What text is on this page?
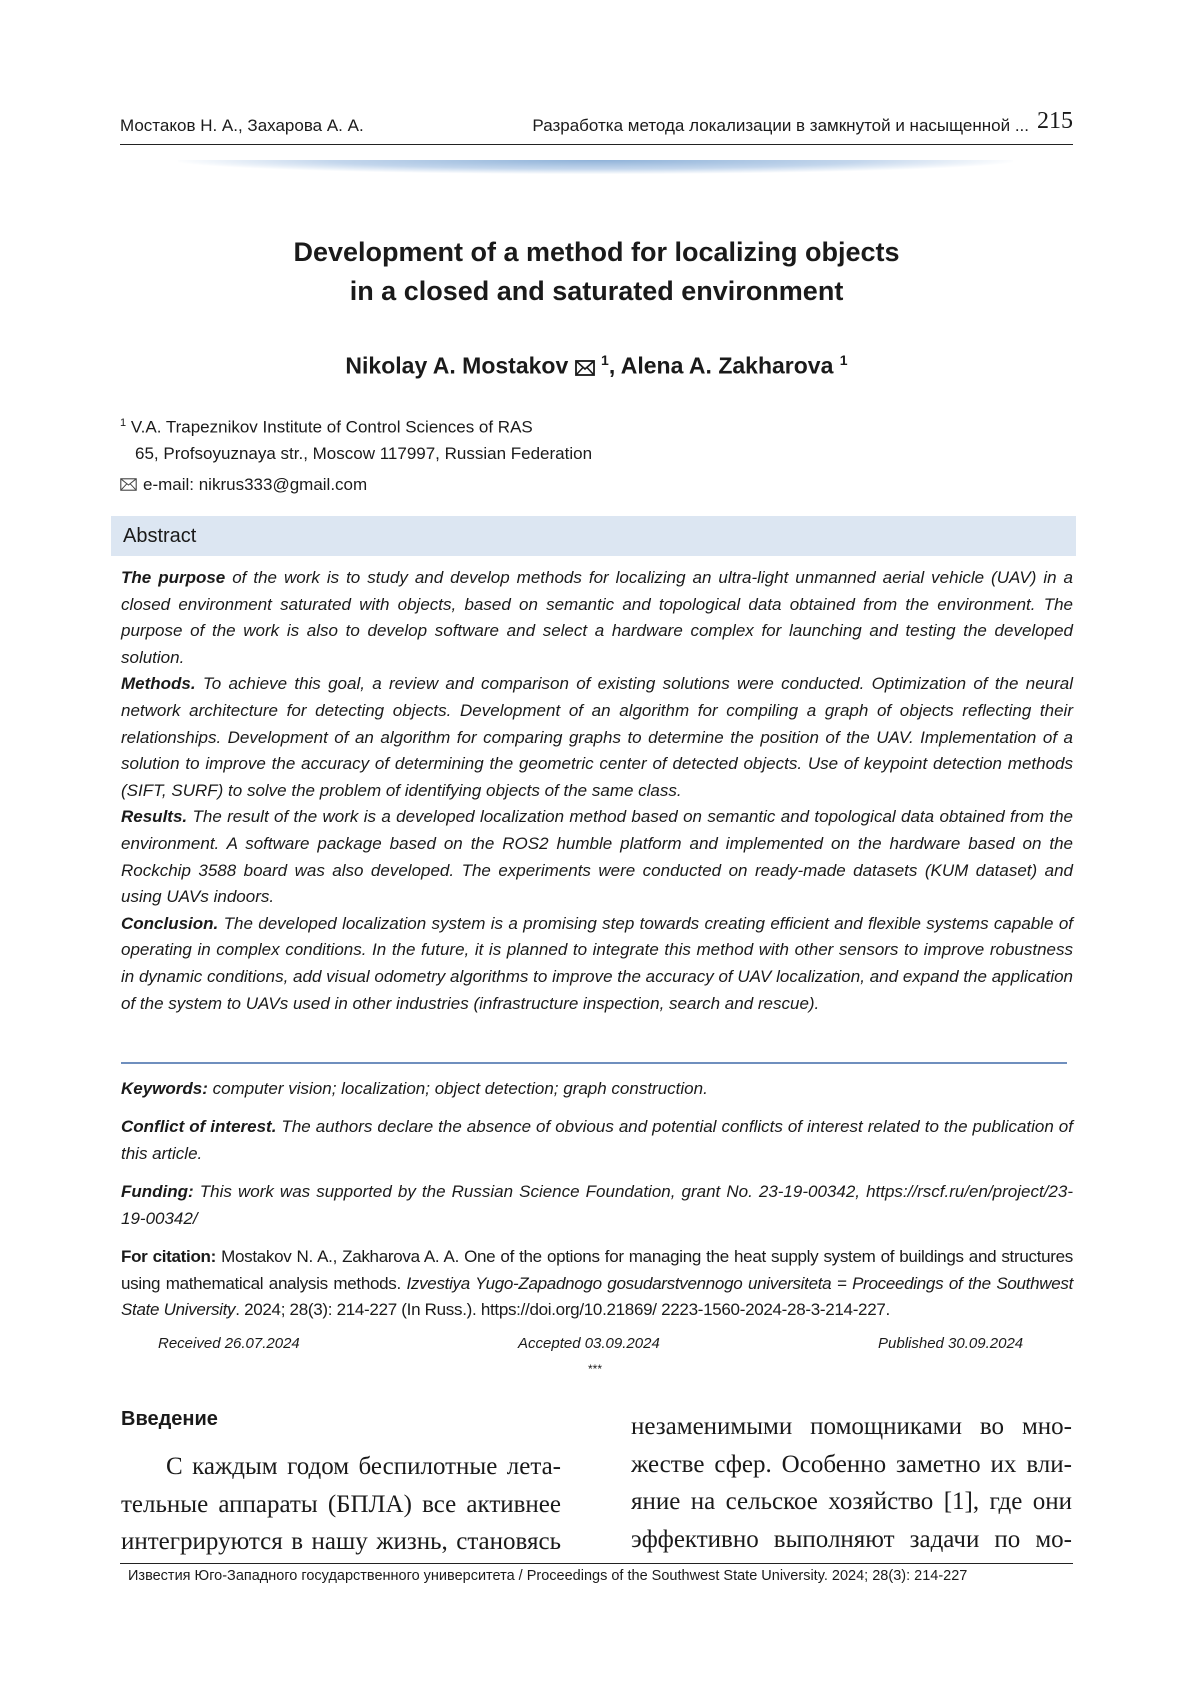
Мостаков Н. А., Захарова А. А.	Разработка метода локализации в замкнутой и насыщенной ... 215
Development of a method for localizing objects
in a closed and saturated environment
Nikolay A. Mostakov $^1$, Alena A. Zakharova $^1$
$^1$ V.A. Trapeznikov Institute of Control Sciences of RAS
65, Profsoyuznaya str., Moscow 117997, Russian Federation
e-mail: nikrus333@gmail.com
Abstract

The purpose of the work is to study and develop methods for localizing an ultra-light unmanned aerial vehicle (UAV) in a closed environment saturated with objects, based on semantic and topological data obtained from the environment. The purpose of the work is also to develop software and select a hardware complex for launching and testing the developed solution.

Methods. To achieve this goal, a review and comparison of existing solutions were conducted. Optimization of the neural network architecture for detecting objects. Development of an algorithm for compiling a graph of objects reflecting their relationships. Development of an algorithm for comparing graphs to determine the position of the UAV. Implementation of a solution to improve the accuracy of determining the geometric center of detected objects. Use of keypoint detection methods (SIFT, SURF) to solve the problem of identifying objects of the same class.

Results. The result of the work is a developed localization method based on semantic and topological data obtained from the environment. A software package based on the ROS2 humble platform and implemented on the hardware based on the Rockchip 3588 board was also developed. The experiments were conducted on ready-made datasets (KUM dataset) and using UAVs indoors.

Conclusion. The developed localization system is a promising step towards creating efficient and flexible systems capable of operating in complex conditions. In the future, it is planned to integrate this method with other sensors to improve robustness in dynamic conditions, add visual odometry algorithms to improve the accuracy of UAV localization, and expand the application of the system to UAVs used in other industries (infrastructure inspection, search and rescue).

Keywords: computer vision; localization; object detection; graph construction.
Conflict of interest. The authors declare the absence of obvious and potential conflicts of interest related to the publication of this article.
Funding: This work was supported by the Russian Science Foundation, grant No. 23-19-00342, https://rscf.ru/en/project/23-19-00342/
For citation: Mostakov N. A., Zakharova A. A. One of the options for managing the heat supply system of buildings and structures using mathematical analysis methods. Izvestiya Yugo-Zapadnogo gosudarstvennogo universiteta = Proceedings of the Southwest State University. 2024; 28(3): 214-227 (In Russ.). https://doi.org/10.21869/ 2223-1560-2024-28-3-214-227.
Received 26.07.2024	Accepted 03.09.2024	Published 30.09.2024
***
Введение
С каждым годом беспилотные лета-
тельные аппараты (БПЛА) все активнее
интегрируются в нашу жизнь, становясь
незаменимыми помощниками во мно-
жестве сфер. Особенно заметно их вли-
яние на сельское хозяйство [1], где они
эффективно выполняют задачи по мо-
Известия Юго-Западного государственного университета / Proceedings of the Southwest State University. 2024; 28(3): 214-227
